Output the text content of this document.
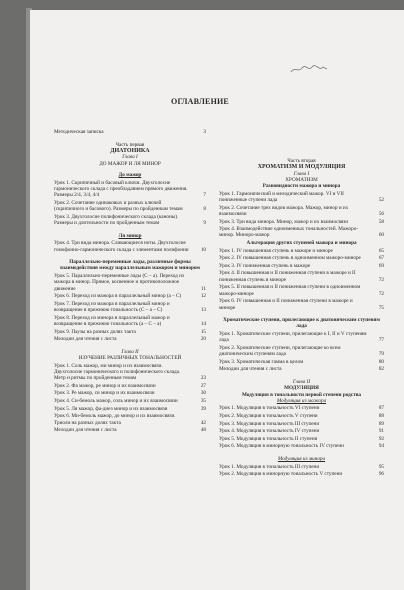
ОГЛАВЛЕНИЕ
Методическая записка	3
Часть первая
ДИАТОНИКА
Глава I
ДО МАЖОР И ЛЯ МИНОР
До мажор
Урок 1. Скрипичный и басовый ключи. Двухголосие гармонического склада с преобладанием прямого движения. Размеры 2/4, 3/4, 4/4	7
Урок 2. Сочетание одинаковых и разных ключей (скрипичного и басового). Размеры по пройденным темам	8
Урок 3. Двухголосие полифонического склада (каноны). Размеры и длительности по пройденным темам	9
Ля минор
Урок 4. Три вида минора. Сливающиеся ноты. Двухголосие гомофонно-гармонического склада с элементами полифонии	10
Параллельно-переменные лады, различные формы взаимодействия между параллельным мажором и минором
Урок 5. Параллельно-переменные лады (C – a). Переход из мажора в минор. Прямое, косвенное и противоположное движение	11
Урок 6. Переход из мажора в параллельный минор (a – C)	12
Урок 7. Переход из мажора в параллельный минор и возвращение в прежнюю тональность (С – а – С)	13
Урок 8. Переход из минора в параллельный мажор и возвращение в прежнюю тональность (а – С – а)	14
Урок 9. Паузы на разных долях такта	15
Мелодии для чтения с листа	20
Глава II
ИЗУЧЕНИЕ РАЗЛИЧНЫХ ТОНАЛЬНОСТЕЙ
Урок 1. Соль мажор, ми минор и их взаимосвязи. Двухголосие гармонического и полифонического склада. Метр и ритмы по пройденным темам	23
Урок 2. Фа мажор, ре минор и их взаимосвязи	27
Урок 3. Ре мажор, си минор и их взаимосвязи	30
Урок 4. Си-бемоль мажор, соль минор и их взаимосвязи	35
Урок 5. Ля мажор, фа-диез минор и их взаимосвязи	39
Урок 6. Ми-бемоль мажор, до минор и их взаимосвязи. Триоли на разных долях такта	42
Мелодии для чтения с листа	48
Часть вторая
ХРОМАТИЗМ И МОДУЛЯЦИЯ
Глава I
ХРОМАТИЗМ
Разновидности мажора и минора
Урок 1. Гармонический и мелодический мажор. VI и VII пониженные ступени лада	52
Урок 2. Сочетание трех видов мажора. Мажор, минор и их взаимосвязи	56
Урок 3. Три вида минора. Минор, мажор и их взаимосвязи	58
Урок 4. Взаимодействие одноименных тональностей. Мажоро-минор. Миноро-мажор	60
Альтерация других ступеней мажора и минора
Урок 1. IV повышенная ступень в мажоре и миноре	65
Урок 2. IV повышенная ступень в одноименном мажоро-миноре	67
Урок 3. IV пониженная ступень в мажоре	69
Урок 4. II повышенная и II пониженная ступени в мажоре и II пониженная ступень в миноре	72
Урок 5. II повышенная и II пониженная ступени в одноименном мажоро-миноре	72
Урок 6. IV повышенная и II пониженная ступени в мажоре и миноре	75
Хроматические ступени, прилегающие к диатоническим ступеням лада
Урок 1. Хроматические ступени, прилегающие к I, II и V ступеням лада	77
Урок 2. Хроматические ступени, прилегающие ко всем диатоническим ступеням лада	79
Урок 3. Хроматическая гамма в целом	80
Мелодии для чтения с листа	82
Глава II
МОДУЛЯЦИЯ
Модуляция в тональности первой степени родства
Модуляция из мажора
Урок 1. Модуляция в тональность VI ступени	87
Урок 2. Модуляция в тональность V ступени	88
Урок 3. Модуляция в тональность III ступени	89
Урок 4. Модуляция в тональность IV ступени	91
Урок 5. Модуляция в тональность II ступени	92
Урок 6. Модуляция в минорную тональность IV ступени	94
Модуляция из минора
Урок 1. Модуляция в тональность III ступени	95
Урок 2. Модуляция в минорную тональность V ступени	96
